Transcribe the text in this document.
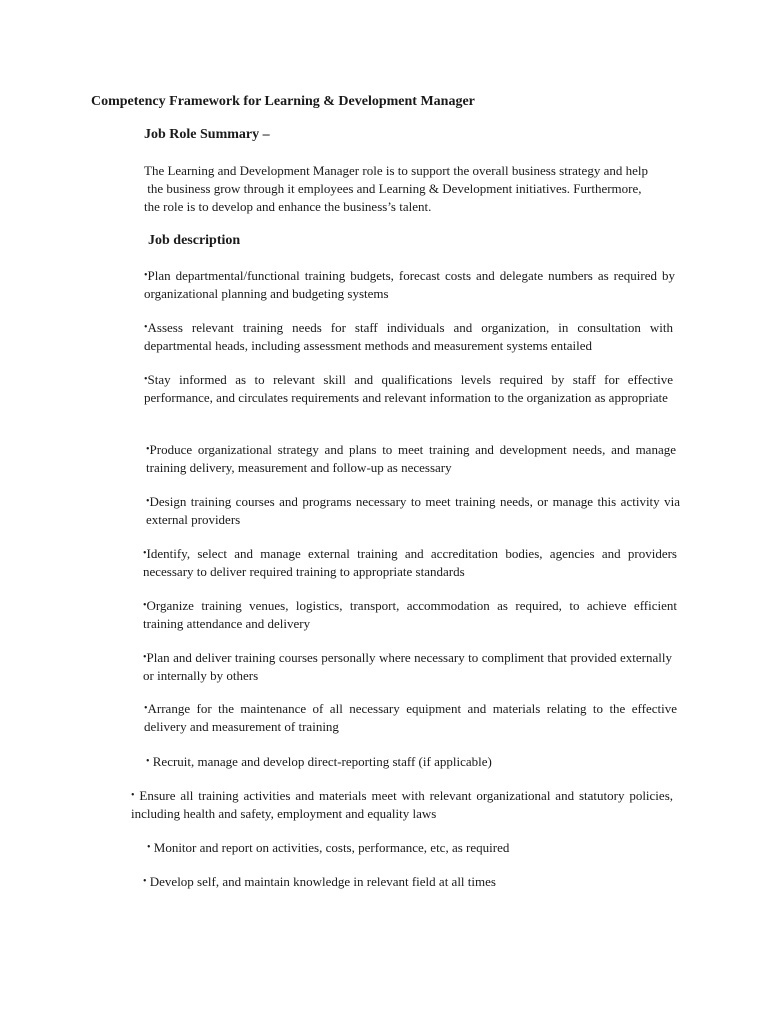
Competency Framework for Learning & Development Manager
Job Role Summary –
The Learning and Development Manager role is to support the overall business strategy and help
the business grow through it employees and Learning & Development initiatives. Furthermore,
the role is to develop and enhance the business’s talent.
Job description
•Plan departmental/functional training budgets, forecast costs and delegate numbers as required by organizational planning and budgeting systems
•Assess relevant training needs for staff individuals and organization, in consultation with departmental heads, including assessment methods and measurement systems entailed
•Stay informed as to relevant skill and qualifications levels required by staff for effective performance, and circulates requirements and relevant information to the organization as appropriate
•Produce organizational strategy and plans to meet training and development needs, and manage training delivery, measurement and follow-up as necessary
•Design training courses and programs necessary to meet training needs, or manage this activity via external providers
•Identify, select and manage external training and accreditation bodies, agencies and providers necessary to deliver required training to appropriate standards
•Organize training venues, logistics, transport, accommodation as required, to achieve efficient training attendance and delivery
•Plan and deliver training courses personally where necessary to compliment that provided externally or internally by others
•Arrange for the maintenance of all necessary equipment and materials relating to the effective delivery and measurement of training
• Recruit, manage and develop direct-reporting staff (if applicable)
• Ensure all training activities and materials meet with relevant organizational and statutory policies, including health and safety, employment and equality laws
• Monitor and report on activities, costs, performance, etc, as required
• Develop self, and maintain knowledge in relevant field at all times
